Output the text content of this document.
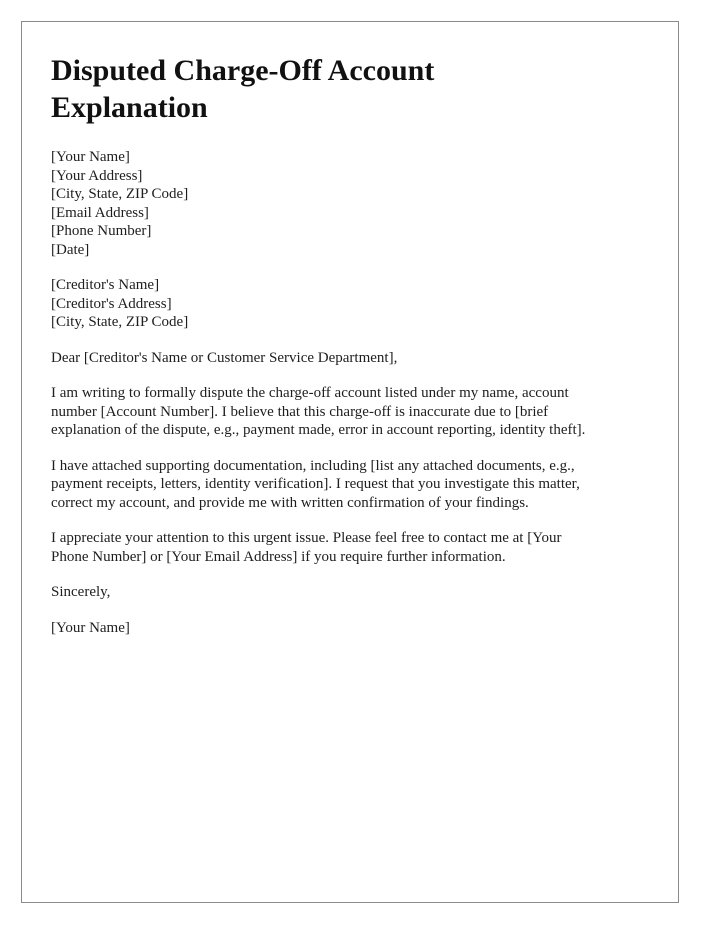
Disputed Charge-Off Account
Explanation
[Your Name]
[Your Address]
[City, State, ZIP Code]
[Email Address]
[Phone Number]
[Date]
[Creditor's Name]
[Creditor's Address]
[City, State, ZIP Code]

Dear [Creditor's Name or Customer Service Department],

I am writing to formally dispute the charge-off account listed under my name, account
number [Account Number]. I believe that this charge-off is inaccurate due to [brief
explanation of the dispute, e.g., payment made, error in account reporting, identity theft].

I have attached supporting documentation, including [list any attached documents, e.g.,
payment receipts, letters, identity verification]. I request that you investigate this matter,
correct my account, and provide me with written confirmation of your findings.

I appreciate your attention to this urgent issue. Please feel free to contact me at [Your
Phone Number] or [Your Email Address] if you require further information.

Sincerely,

[Your Name]
